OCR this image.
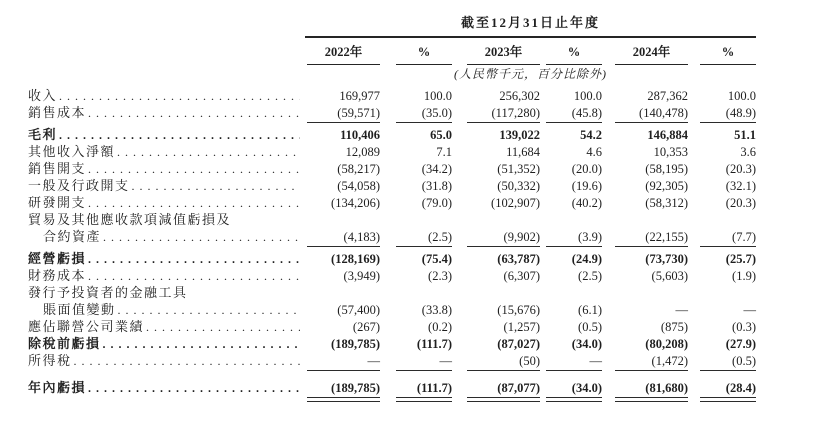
截至12月31日止年度
2022年	%	2023年	%	2024年	%
(人民幣千元，百分比除外)
收入 . . .	169,977	100.0	256,302	100.0	287,362	100.0
銷售成本 . . .	(59,571)	(35.0)	(117,280)	(45.8)	(140,478)	(48.9)
毛利 . . .	110,406	65.0	139,022	54.2	146,884	51.1
其他收入淨額 . . .	12,089	7.1	11,684	4.6	10,353	3.6
銷售開支 . . .	(58,217)	(34.2)	(51,352)	(20.0)	(58,195)	(20.3)
一般及行政開支 . . .	(54,058)	(31.8)	(50,332)	(19.6)	(92,305)	(32.1)
研發開支 . . .	(134,206)	(79.0)	(102,907)	(40.2)	(58,312)	(20.3)
貿易及其他應收款項減值虧損及
合約資產 . . .	(4,183)	(2.5)	(9,902)	(3.9)	(22,155)	(7.7)
經營虧損 . . .	(128,169)	(75.4)	(63,787)	(24.9)	(73,730)	(25.7)
財務成本 . . .	(3,949)	(2.3)	(6,307)	(2.5)	(5,603)	(1.9)
發行予投資者的金融工具
賬面值變動 . . .	(57,400)	(33.8)	(15,676)	(6.1)	—	—
應佔聯營公司業績 . . .	(267)	(0.2)	(1,257)	(0.5)	(875)	(0.3)
除稅前虧損 . . .	(189,785)	(111.7)	(87,027)	(34.0)	(80,208)	(27.9)
所得稅 . . .	—	—	(50)	—	(1,472)	(0.5)
年內虧損 . . .	(189,785)	(111.7)	(87,077)	(34.0)	(81,680)	(28.4)
